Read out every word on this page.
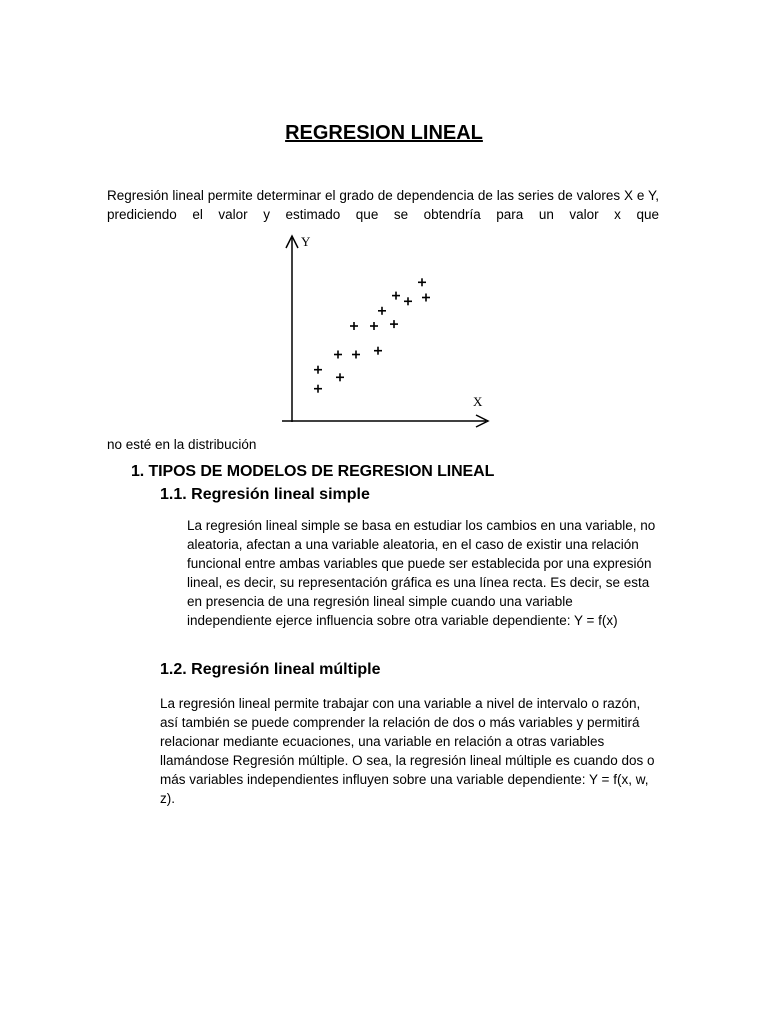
REGRESION LINEAL

Regresión lineal permite determinar el grado de dependencia de las series de valores X e Y, prediciendo el valor y estimado que se obtendría para un valor x que

Y
X

no esté en la distribución

1. TIPOS DE MODELOS DE REGRESION LINEAL
1.1. Regresión lineal simple

La regresión lineal simple se basa en estudiar los cambios en una variable, no aleatoria, afectan a una variable aleatoria, en el caso de existir una relación funcional entre ambas variables que puede ser establecida por una expresión lineal, es decir, su representación gráfica es una línea recta. Es decir, se esta en presencia de una regresión lineal simple cuando una variable independiente ejerce influencia sobre otra variable dependiente: Y = f(x)

1.2. Regresión lineal múltiple

La regresión lineal permite trabajar con una variable a nivel de intervalo o razón, así también se puede comprender la relación de dos o más variables y permitirá relacionar mediante ecuaciones, una variable en relación a otras variables llamándose Regresión múltiple. O sea, la regresión lineal múltiple es cuando dos o más variables independientes influyen sobre una variable dependiente: Y = f(x, w, z).
